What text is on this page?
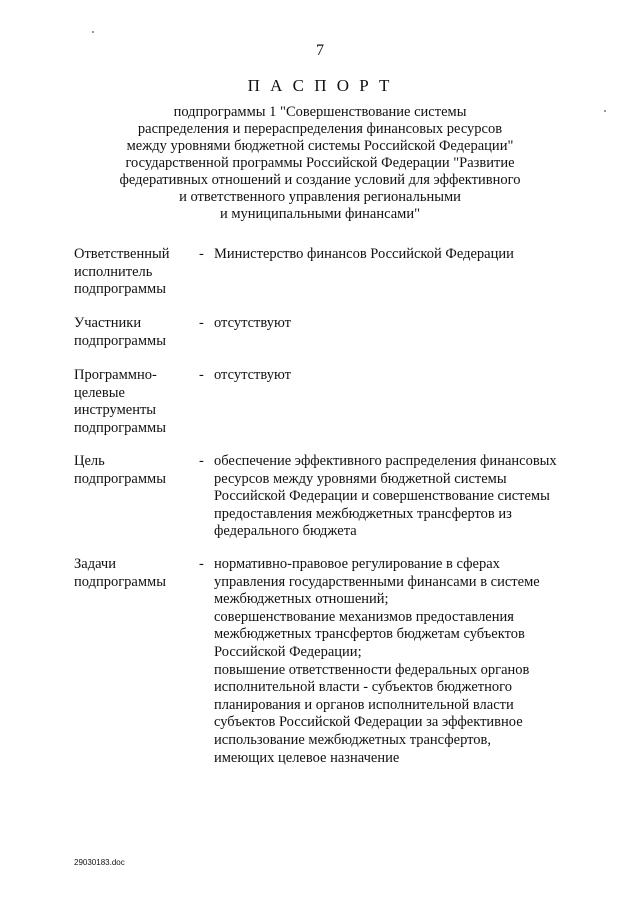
7
П А С П О Р Т
подпрограммы 1 "Совершенствование системы
распределения и перераспределения финансовых ресурсов
между уровнями бюджетной системы Российской Федерации"
государственной программы Российской Федерации "Развитие
федеративных отношений и создание условий для эффективного
и ответственного управления региональными
и муниципальными финансами"
Ответственный
исполнитель
подпрограммы
- Министерство финансов Российской Федерации
Участники
подпрограммы
- отсутствуют
Программно-
целевые
инструменты
подпрограммы
- отсутствуют
Цель
подпрограммы
- обеспечение эффективного распределения финансовых
ресурсов между уровнями бюджетной системы
Российской Федерации и совершенствование системы
предоставления межбюджетных трансфертов из
федерального бюджета
Задачи
подпрограммы
- нормативно-правовое регулирование в сферах
управления государственными финансами в системе
межбюджетных отношений;
совершенствование механизмов предоставления
межбюджетных трансфертов бюджетам субъектов
Российской Федерации;
повышение ответственности федеральных органов
исполнительной власти - субъектов бюджетного
планирования и органов исполнительной власти
субъектов Российской Федерации за эффективное
использование межбюджетных трансфертов,
имеющих целевое назначение
29030183.doc
